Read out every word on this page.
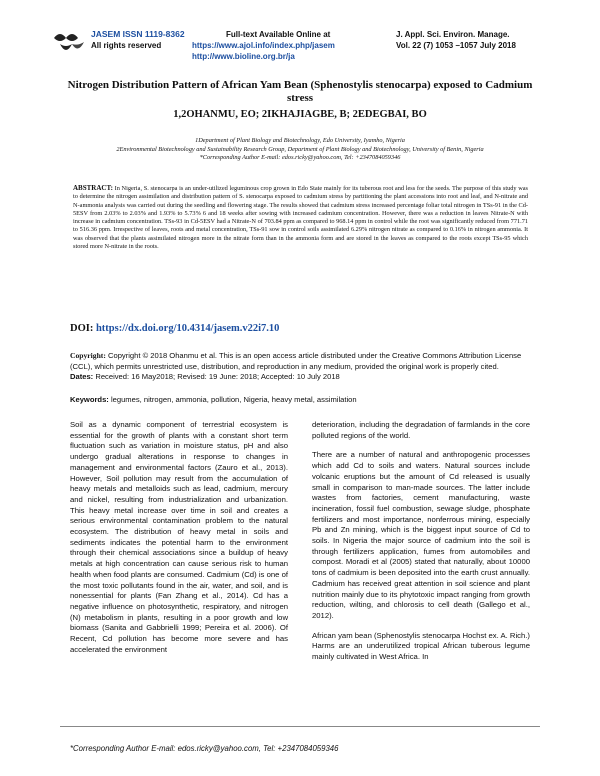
JASEM ISSN 1119-8362
All rights reserved
Full-text Available Online at
https://www.ajol.info/index.php/jasem
http://www.bioline.org.br/ja
J. Appl. Sci. Environ. Manage.
Vol. 22 (7) 1053 –1057 July 2018
Nitrogen Distribution Pattern of African Yam Bean (Sphenostylis stenocarpa) exposed to Cadmium stress
1,2OHANMU, EO; 2IKHAJIAGBE, B; 2EDEGBAI, BO
1Department of Plant Biology and Biotechnology, Edo University, Iyamho, Nigeria
2Environmental Biotechnology and Sustainability Research Group, Department of Plant Biology and Biotechnology, University of Benin, Nigeria
*Corresponding Author E-mail: edos.ricky@yahoo.com, Tel: +2347084059346
ABSTRACT: In Nigeria, S. stenocarpa is an under-utilized leguminous crop grown in Edo State mainly for its tuberous root and less for the seeds. The purpose of this study was to determine the nitrogen assimilation and distribution pattern of S. stenocarpa exposed to cadmium stress by partitioning the plant accessions into root and leaf, and N-nitrate and N-ammonia analysis was carried out during the seedling and flowering stage. The results showed that cadmium stress increased percentage foliar total nitrogen in TSs-91 in the Cd-5ESV from 2.03% to 2.03% and 1.93% to 5.73% 6 and 18 weeks after sowing with increased cadmium concentration. However, there was a reduction in leaves Nitrate-N with increase in cadmium concentration. TSs-93 in Cd-5ESV had a Nitrate-N of 703.84 ppm as compared to 968.14 ppm in control while the root was significantly reduced from 771.71 to 516.36 ppm. Irrespective of leaves, roots and metal concentration, TSs-91 sow in control soils assimilated 6.29% nitrogen nitrate as compared to 0.16% in nitrogen ammonia. It was observed that the plants assimilated nitrogen more in the nitrate form than in the ammonia form and are stored in the leaves as compared to the roots except TSs-95 which stored more N-nitrate in the roots.
DOI: https://dx.doi.org/10.4314/jasem.v22i7.10
Copyright: Copyright © 2018 Ohanmu et al. This is an open access article distributed under the Creative Commons Attribution License (CCL), which permits unrestricted use, distribution, and reproduction in any medium, provided the original work is properly cited.
Dates: Received: 16 May2018; Revised: 19 June: 2018; Accepted: 10 July 2018
Keywords: legumes, nitrogen, ammonia, pollution, Nigeria, heavy metal, assimilation

Soil as a dynamic component of terrestrial ecosystem is essential for the growth of plants with a constant short term fluctuation such as variation in moisture status, pH and also undergo gradual alterations in response to changes in management and environmental factors (Zauro et al., 2013). However, Soil pollution may result from the accumulation of heavy metals and metalloids such as lead, cadmium, mercury and nickel, resulting from industrialization and urbanization. This heavy metal increase over time in soil and creates a serious environmental contamination problem to the natural ecosystem. The distribution of heavy metal in soils and sediments indicates the potential harm to the environment through their chemical associations since a buildup of heavy metals at high concentration can cause serious risk to human health when food plants are consumed. Cadmium (Cd) is one of the most toxic pollutants found in the air, water, and soil, and is nonessential for plants (Fan Zhang et al., 2014). Cd has a negative influence on photosynthetic, respiratory, and nitrogen (N) metabolism in plants, resulting in a poor growth and low biomass (Sanita and Gabbrielli 1999; Pereira et al. 2006). Of Recent, Cd pollution has become more severe and has accelerated the environment

deterioration, including the degradation of farmlands in the core polluted regions of the world.

There are a number of natural and anthropogenic processes which add Cd to soils and waters. Natural sources include volcanic eruptions but the amount of Cd released is usually small in comparison to man-made sources. The latter include wastes from factories, cement manufacturing, waste incineration, fossil fuel combustion, sewage sludge, phosphate fertilizers and most importance, nonferrous mining, especially Pb and Zn mining, which is the biggest input source of Cd to soils. In Nigeria the major source of cadmium into the soil is through fertilizers application, fumes from automobiles and compost. Moradi et al (2005) stated that naturally, about 10000 tons of cadmium is been deposited into the earth crust annually. Cadmium has received great attention in soil science and plant nutrition mainly due to its phytotoxic impact ranging from growth reduction, wilting, and chlorosis to cell death (Gallego et al., 2012).

African yam bean (Sphenostylis stenocarpa Hochst ex. A. Rich.) Harms are an underutilized tropical African tuberous legume mainly cultivated in West Africa. In

*Corresponding Author E-mail: edos.ricky@yahoo.com, Tel: +2347084059346
